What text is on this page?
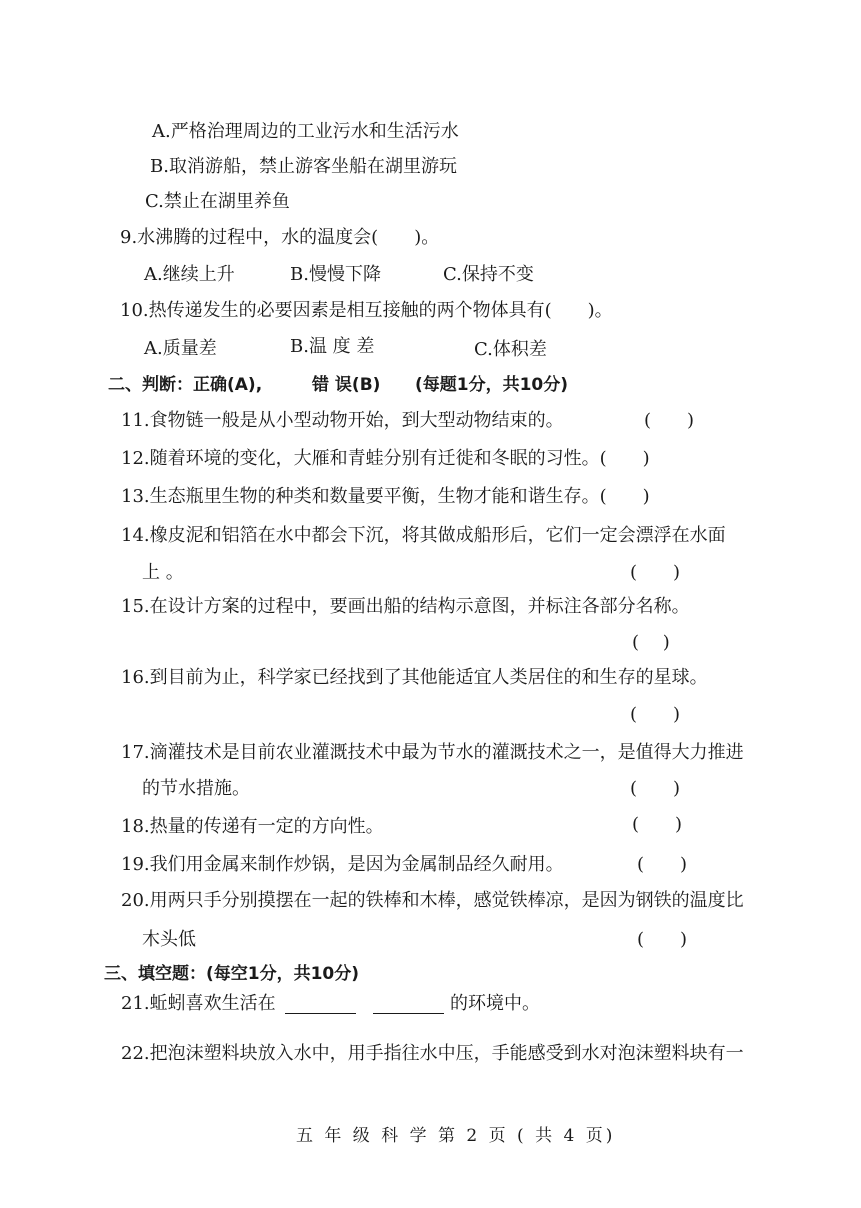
A.严格治理周边的工业污水和生活污水
B.取消游船，禁止游客坐船在湖里游玩
C.禁止在湖里养鱼
9.水沸腾的过程中，水的温度会(　　)。
A.继续上升	B.慢慢下降	C.保持不变
10.热传递发生的必要因素是相互接触的两个物体具有(　　)。
A.质量差	B.温 度 差	C.体积差
二、判断：正确(A),	错 误(B) (每题1分，共10分)
11.食物链一般是从小型动物开始，到大型动物结束的。	(　　)
12.随着环境的变化，大雁和青蛙分别有迁徙和冬眠的习性。(　　)
13.生态瓶里生物的种类和数量要平衡，生物才能和谐生存。(　　)
14.橡皮泥和铝箔在水中都会下沉，将其做成船形后，它们一定会漂浮在水面
上 。	(　　)
15.在设计方案的过程中，要画出船的结构示意图，并标注各部分名称。
(　 )
16.到目前为止，科学家已经找到了其他能适宜人类居住的和生存的星球。
(　　)
17.滴灌技术是目前农业灌溉技术中最为节水的灌溉技术之一，是值得大力推进
的节水措施。	(　　)
18.热量的传递有一定的方向性。	(　　)
19.我们用金属来制作炒锅，是因为金属制品经久耐用。	(　　)
20.用两只手分别摸摆在一起的铁棒和木棒，感觉铁棒凉，是因为钢铁的温度比
木头低	(　　)
三、填空题：(每空1分，共10分)
21.蚯蚓喜欢生活在	的环境中。
22.把泡沫塑料块放入水中，用手指往水中压，手能感受到水对泡沫塑料块有一
五 年 级 科 学 第 2 页 ( 共 4 页)
